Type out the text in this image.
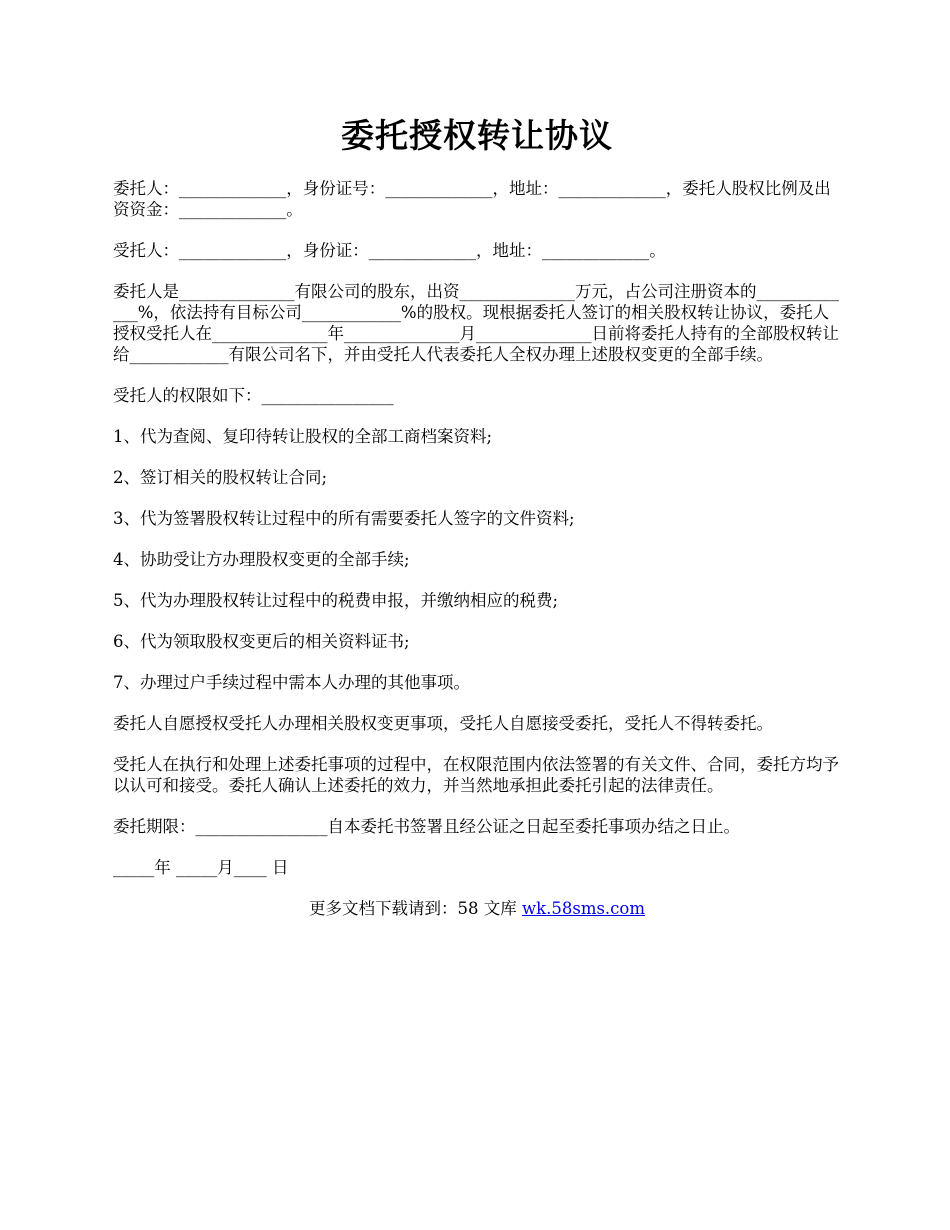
委托授权转让协议

委托人：_____________，身份证号：_____________，地址：_____________，委托人股权比例及出资资金：_____________。

受托人：_____________，身份证：_____________，地址：_____________。

委托人是______________有限公司的股东，出资______________万元，占公司注册资本的_____________%，依法持有目标公司____________%的股权。现根据委托人签订的相关股权转让协议，委托人授权受托人在______________年______________月______________日前将委托人持有的全部股权转让给____________有限公司名下，并由受托人代表委托人全权办理上述股权变更的全部手续。

受托人的权限如下：________________

1、代为查阅、复印待转让股权的全部工商档案资料;

2、签订相关的股权转让合同;

3、代为签署股权转让过程中的所有需要委托人签字的文件资料;

4、协助受让方办理股权变更的全部手续;

5、代为办理股权转让过程中的税费申报，并缴纳相应的税费;

6、代为领取股权变更后的相关资料证书;

7、办理过户手续过程中需本人办理的其他事项。

委托人自愿授权受托人办理相关股权变更事项，受托人自愿接受委托，受托人不得转委托。

受托人在执行和处理上述委托事项的过程中，在权限范围内依法签署的有关文件、合同，委托方均予以认可和接受。委托人确认上述委托的效力，并当然地承担此委托引起的法律责任。

委托期限：________________自本委托书签署且经公证之日起至委托事项办结之日止。

_____年 _____月____ 日

更多文档下载请到：58 文库 wk.58sms.com
